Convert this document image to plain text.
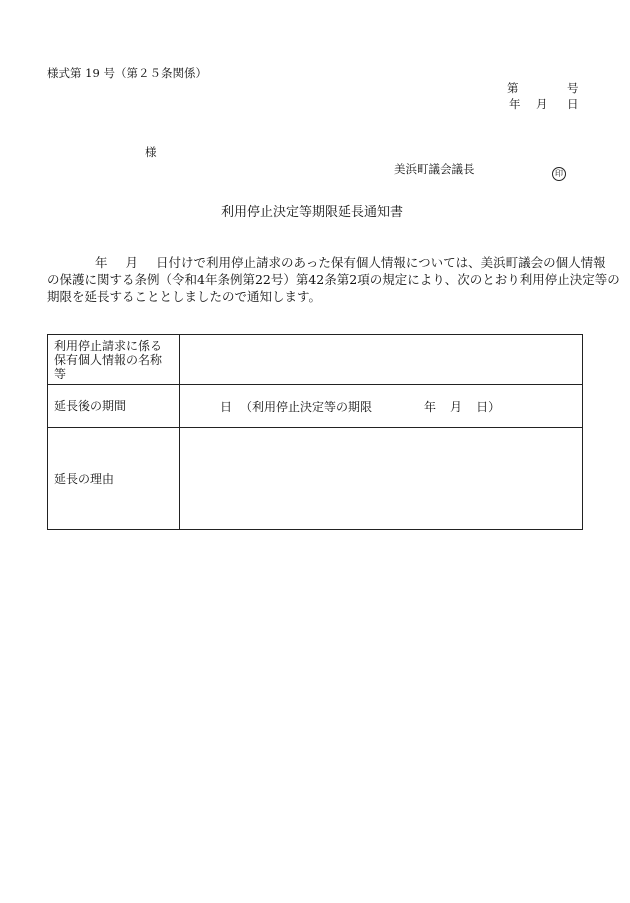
様式第 19 号（第２５条関係）
第	号
年 月 日
様
美浜町議会議長	印
利用停止決定等期限延長通知書
年 月 日付けで利用停止請求のあった保有個人情報については、美浜町議会の個人情報
の保護に関する条例（令和4年条例第22号）第42条第2項の規定により、次のとおり利用停止決定等の
期限を延長することとしましたので通知します。
利用停止請求に係る
保有個人情報の名称
等	

延長後の期間	日 （利用停止決定等の期限 年 月 日）
延長の理由	
